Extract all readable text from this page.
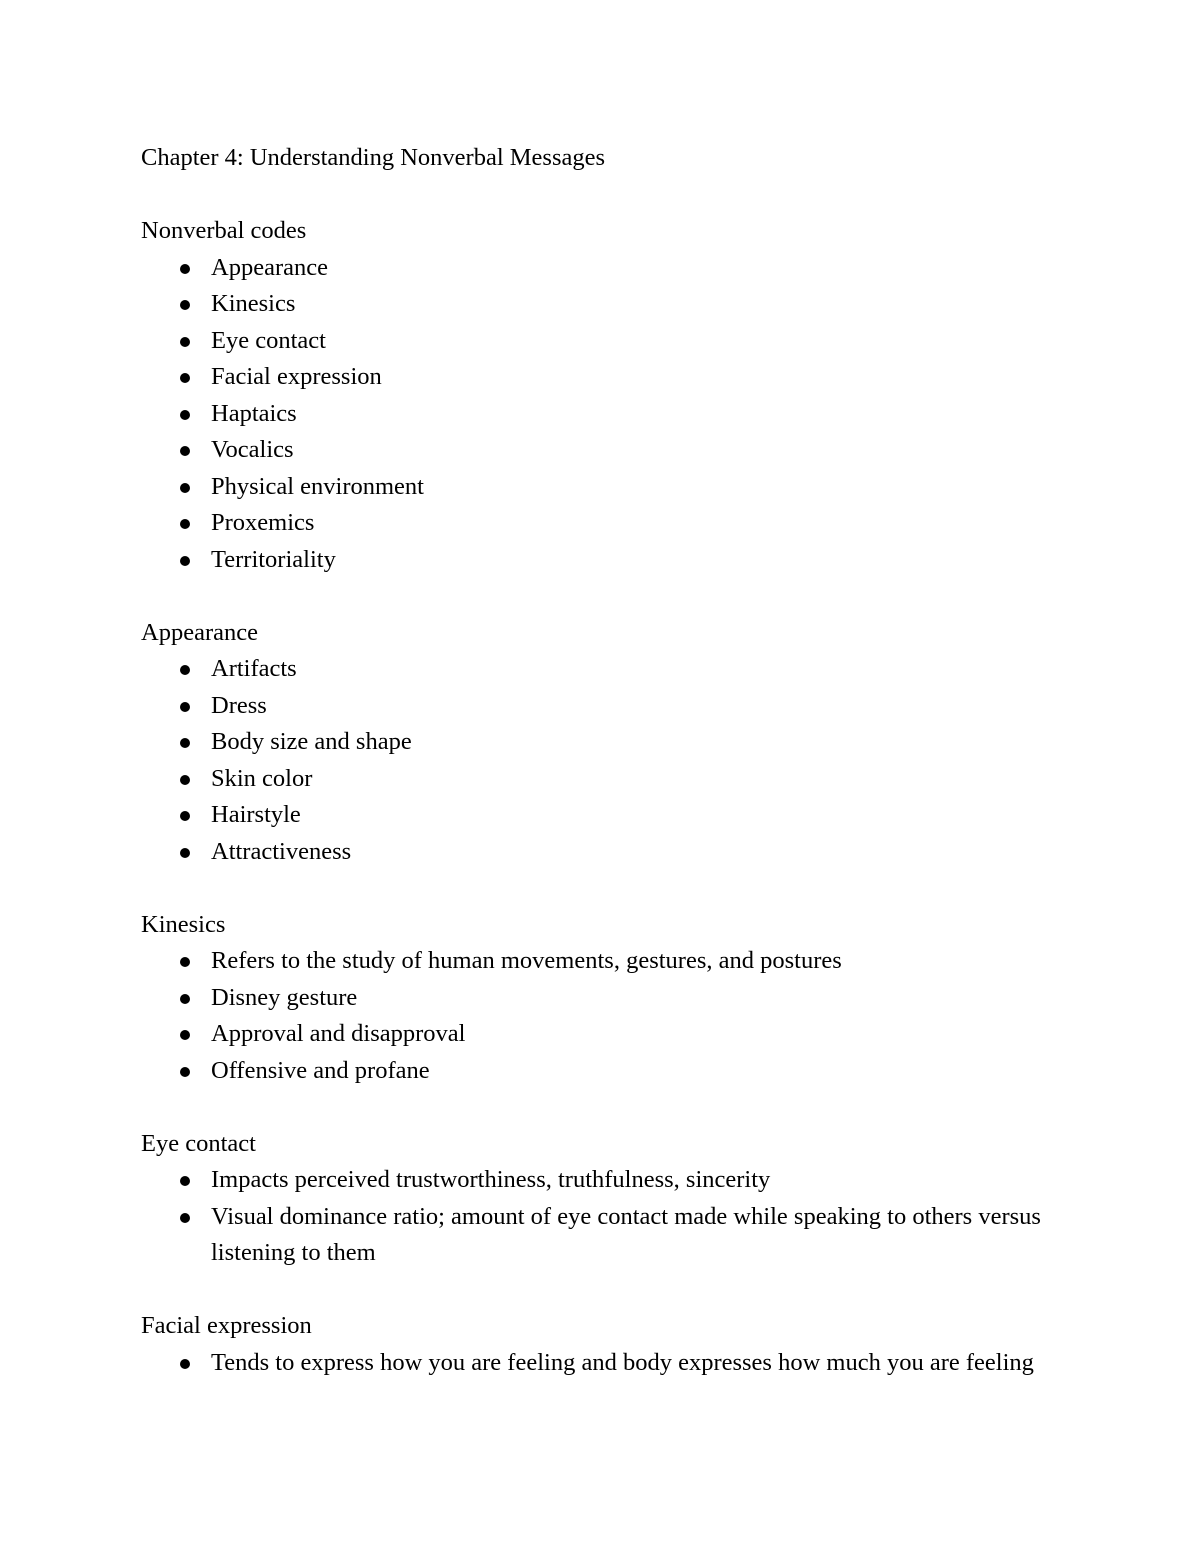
Chapter 4: Understanding Nonverbal Messages
Nonverbal codes
Appearance
Kinesics
Eye contact
Facial expression
Haptaics
Vocalics
Physical environment
Proxemics
Territoriality
Appearance
Artifacts
Dress
Body size and shape
Skin color
Hairstyle
Attractiveness
Kinesics
Refers to the study of human movements, gestures, and postures
Disney gesture
Approval and disapproval
Offensive and profane
Eye contact
Impacts perceived trustworthiness, truthfulness, sincerity
Visual dominance ratio; amount of eye contact made while speaking to others versus listening to them
Facial expression
Tends to express how you are feeling and body expresses how much you are feeling
